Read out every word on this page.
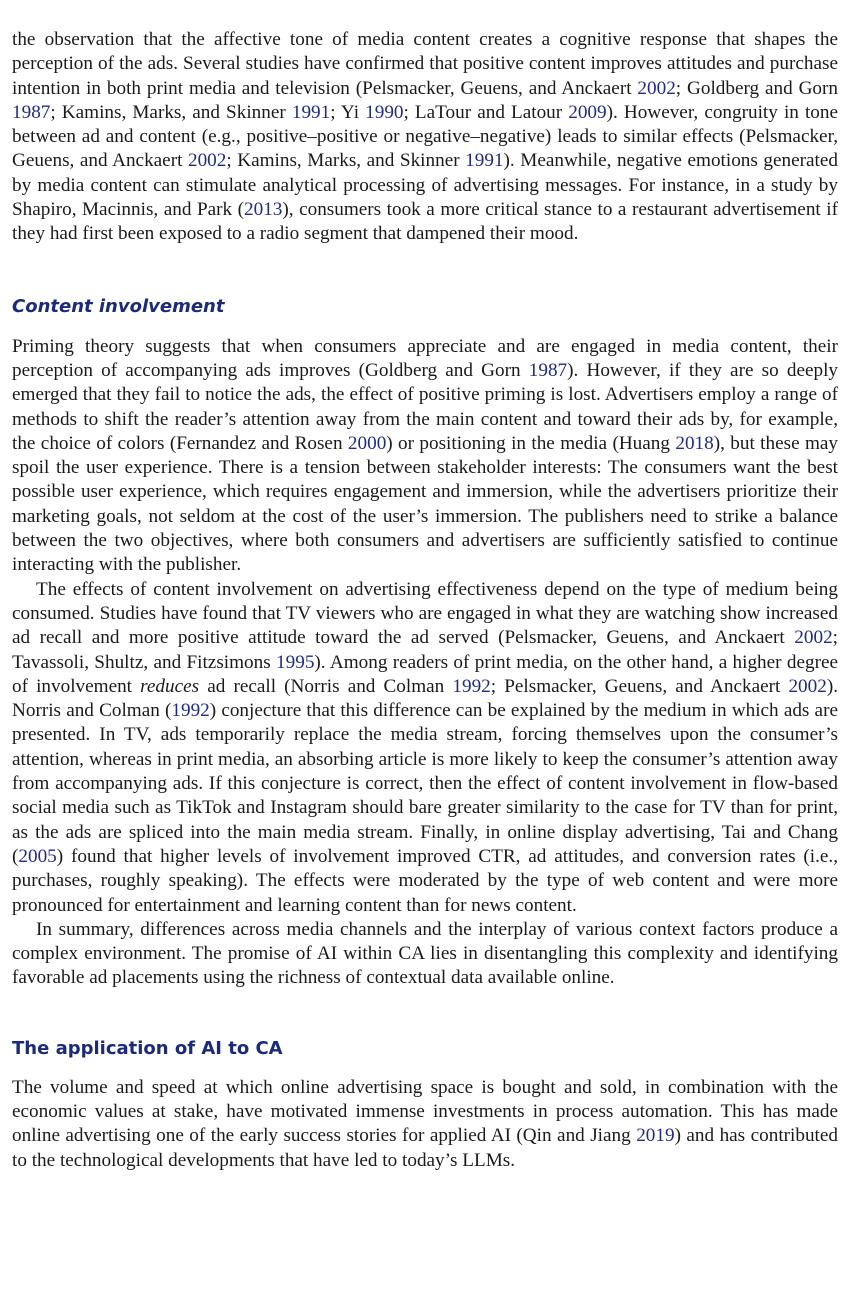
the observation that the affective tone of media content creates a cognitive response that shapes the perception of the ads. Several studies have confirmed that positive content improves attitudes and purchase intention in both print media and television (Pelsmacker, Geuens, and Anckaert 2002; Goldberg and Gorn 1987; Kamins, Marks, and Skinner 1991; Yi 1990; LaTour and Latour 2009). However, congruity in tone between ad and content (e.g., positive–positive or negative–negative) leads to similar effects (Pelsmacker, Geuens, and Anckaert 2002; Kamins, Marks, and Skinner 1991). Meanwhile, negative emotions generated by media content can stimulate analytical processing of advertising messages. For instance, in a study by Shapiro, Macinnis, and Park (2013), consumers took a more critical stance to a restaurant advertisement if they had first been exposed to a radio segment that dampened their mood.

Content involvement

Priming theory suggests that when consumers appreciate and are engaged in media content, their perception of accompanying ads improves (Goldberg and Gorn 1987). However, if they are so deeply emerged that they fail to notice the ads, the effect of positive priming is lost. Advertisers employ a range of methods to shift the reader’s attention away from the main content and toward their ads by, for example, the choice of colors (Fernandez and Rosen 2000) or positioning in the media (Huang 2018), but these may spoil the user experience. There is a tension between stakeholder interests: The consumers want the best possible user experience, which requires engagement and immersion, while the advertisers prioritize their marketing goals, not seldom at the cost of the user’s immersion. The publishers need to strike a balance between the two objectives, where both consumers and advertisers are sufficiently satisfied to continue interacting with the publisher.

The effects of content involvement on advertising effectiveness depend on the type of medium being consumed. Studies have found that TV viewers who are engaged in what they are watching show increased ad recall and more positive attitude toward the ad served (Pelsmacker, Geuens, and Anckaert 2002; Tavassoli, Shultz, and Fitzsimons 1995). Among readers of print media, on the other hand, a higher degree of involvement reduces ad recall (Norris and Colman 1992; Pelsmacker, Geuens, and Anckaert 2002). Norris and Colman (1992) conjecture that this difference can be explained by the medium in which ads are presented. In TV, ads temporarily replace the media stream, forcing themselves upon the consumer’s attention, whereas in print media, an absorbing article is more likely to keep the consumer’s attention away from accompanying ads. If this conjecture is correct, then the effect of content involvement in flow-based social media such as TikTok and Instagram should bare greater similarity to the case for TV than for print, as the ads are spliced into the main media stream. Finally, in online display advertising, Tai and Chang (2005) found that higher levels of involvement improved CTR, ad attitudes, and conversion rates (i.e., purchases, roughly speaking). The effects were moderated by the type of web content and were more pronounced for entertainment and learning content than for news content.

In summary, differences across media channels and the interplay of various context factors produce a complex environment. The promise of AI within CA lies in disentangling this complexity and identifying favorable ad placements using the richness of contextual data available online.

The application of AI to CA

The volume and speed at which online advertising space is bought and sold, in combination with the economic values at stake, have motivated immense investments in process automation. This has made online advertising one of the early success stories for applied AI (Qin and Jiang 2019) and has contributed to the technological developments that have led to today’s LLMs.
